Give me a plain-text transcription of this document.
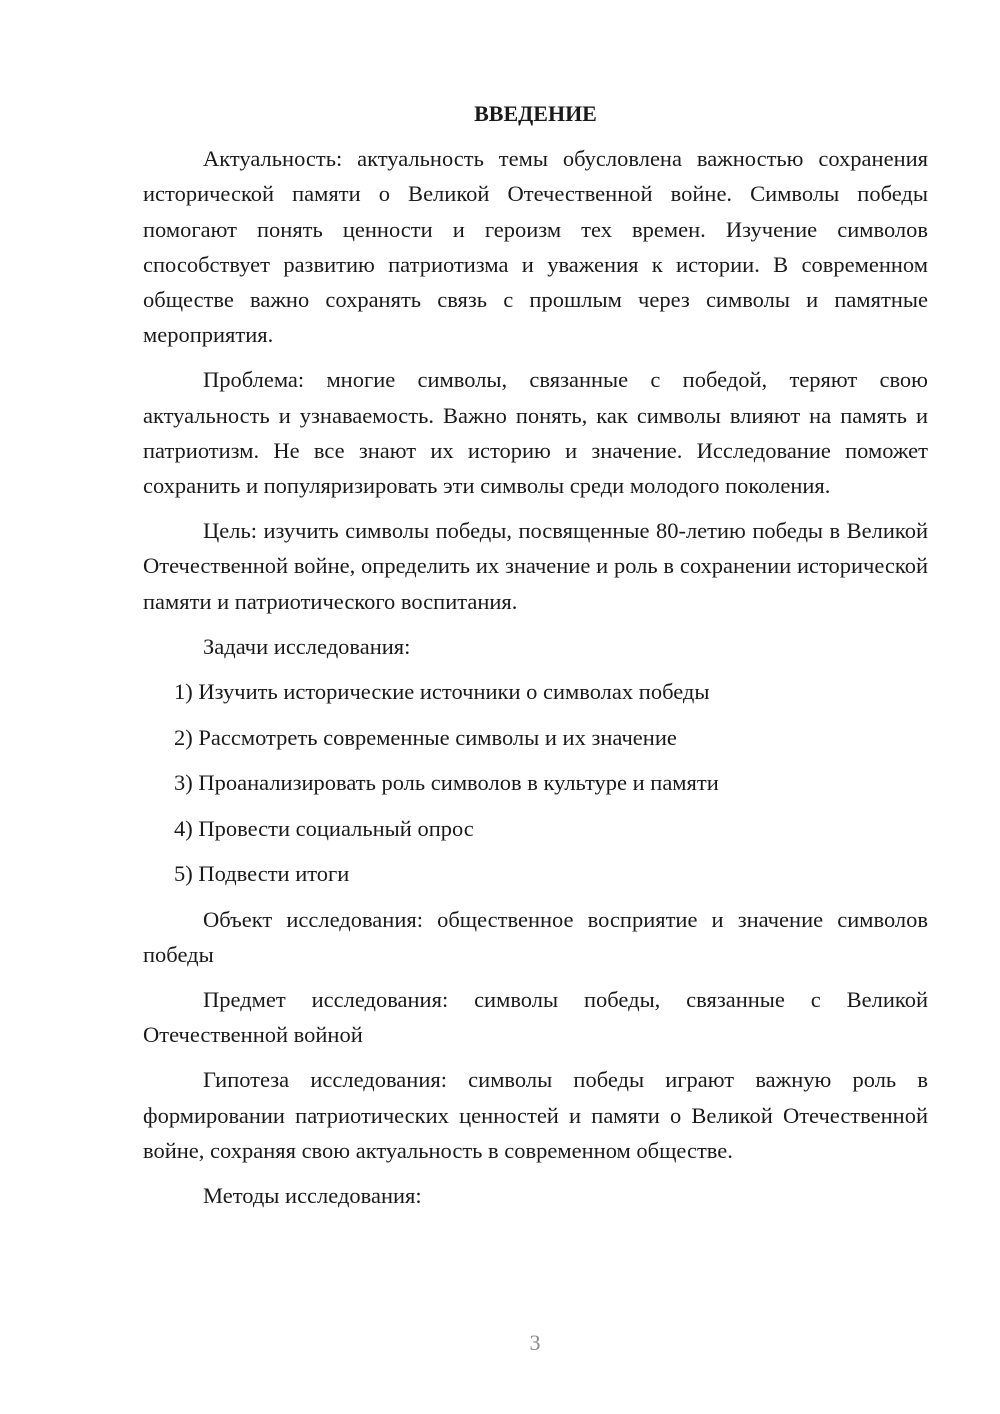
ВВЕДЕНИЕ

Актуальность: актуальность темы обусловлена важностью сохранения исторической памяти о Великой Отечественной войне. Символы победы помогают понять ценности и героизм тех времен. Изучение символов способствует развитию патриотизма и уважения к истории. В современном обществе важно сохранять связь с прошлым через символы и памятные мероприятия.

Проблема: многие символы, связанные с победой, теряют свою актуальность и узнаваемость. Важно понять, как символы влияют на память и патриотизм. Не все знают их историю и значение. Исследование поможет сохранить и популяризировать эти символы среди молодого поколения.

Цель: изучить символы победы, посвященные 80-летию победы в Великой Отечественной войне, определить их значение и роль в сохранении исторической памяти и патриотического воспитания.

Задачи исследования:
1) Изучить исторические источники о символах победы
2) Рассмотреть современные символы и их значение
3) Проанализировать роль символов в культуре и памяти
4) Провести социальный опрос
5) Подвести итоги

Объект исследования: общественное восприятие и значение символов победы

Предмет исследования: символы победы, связанные с Великой Отечественной войной

Гипотеза исследования: символы победы играют важную роль в формировании патриотических ценностей и памяти о Великой Отечественной войне, сохраняя свою актуальность в современном обществе.

Методы исследования:
3
